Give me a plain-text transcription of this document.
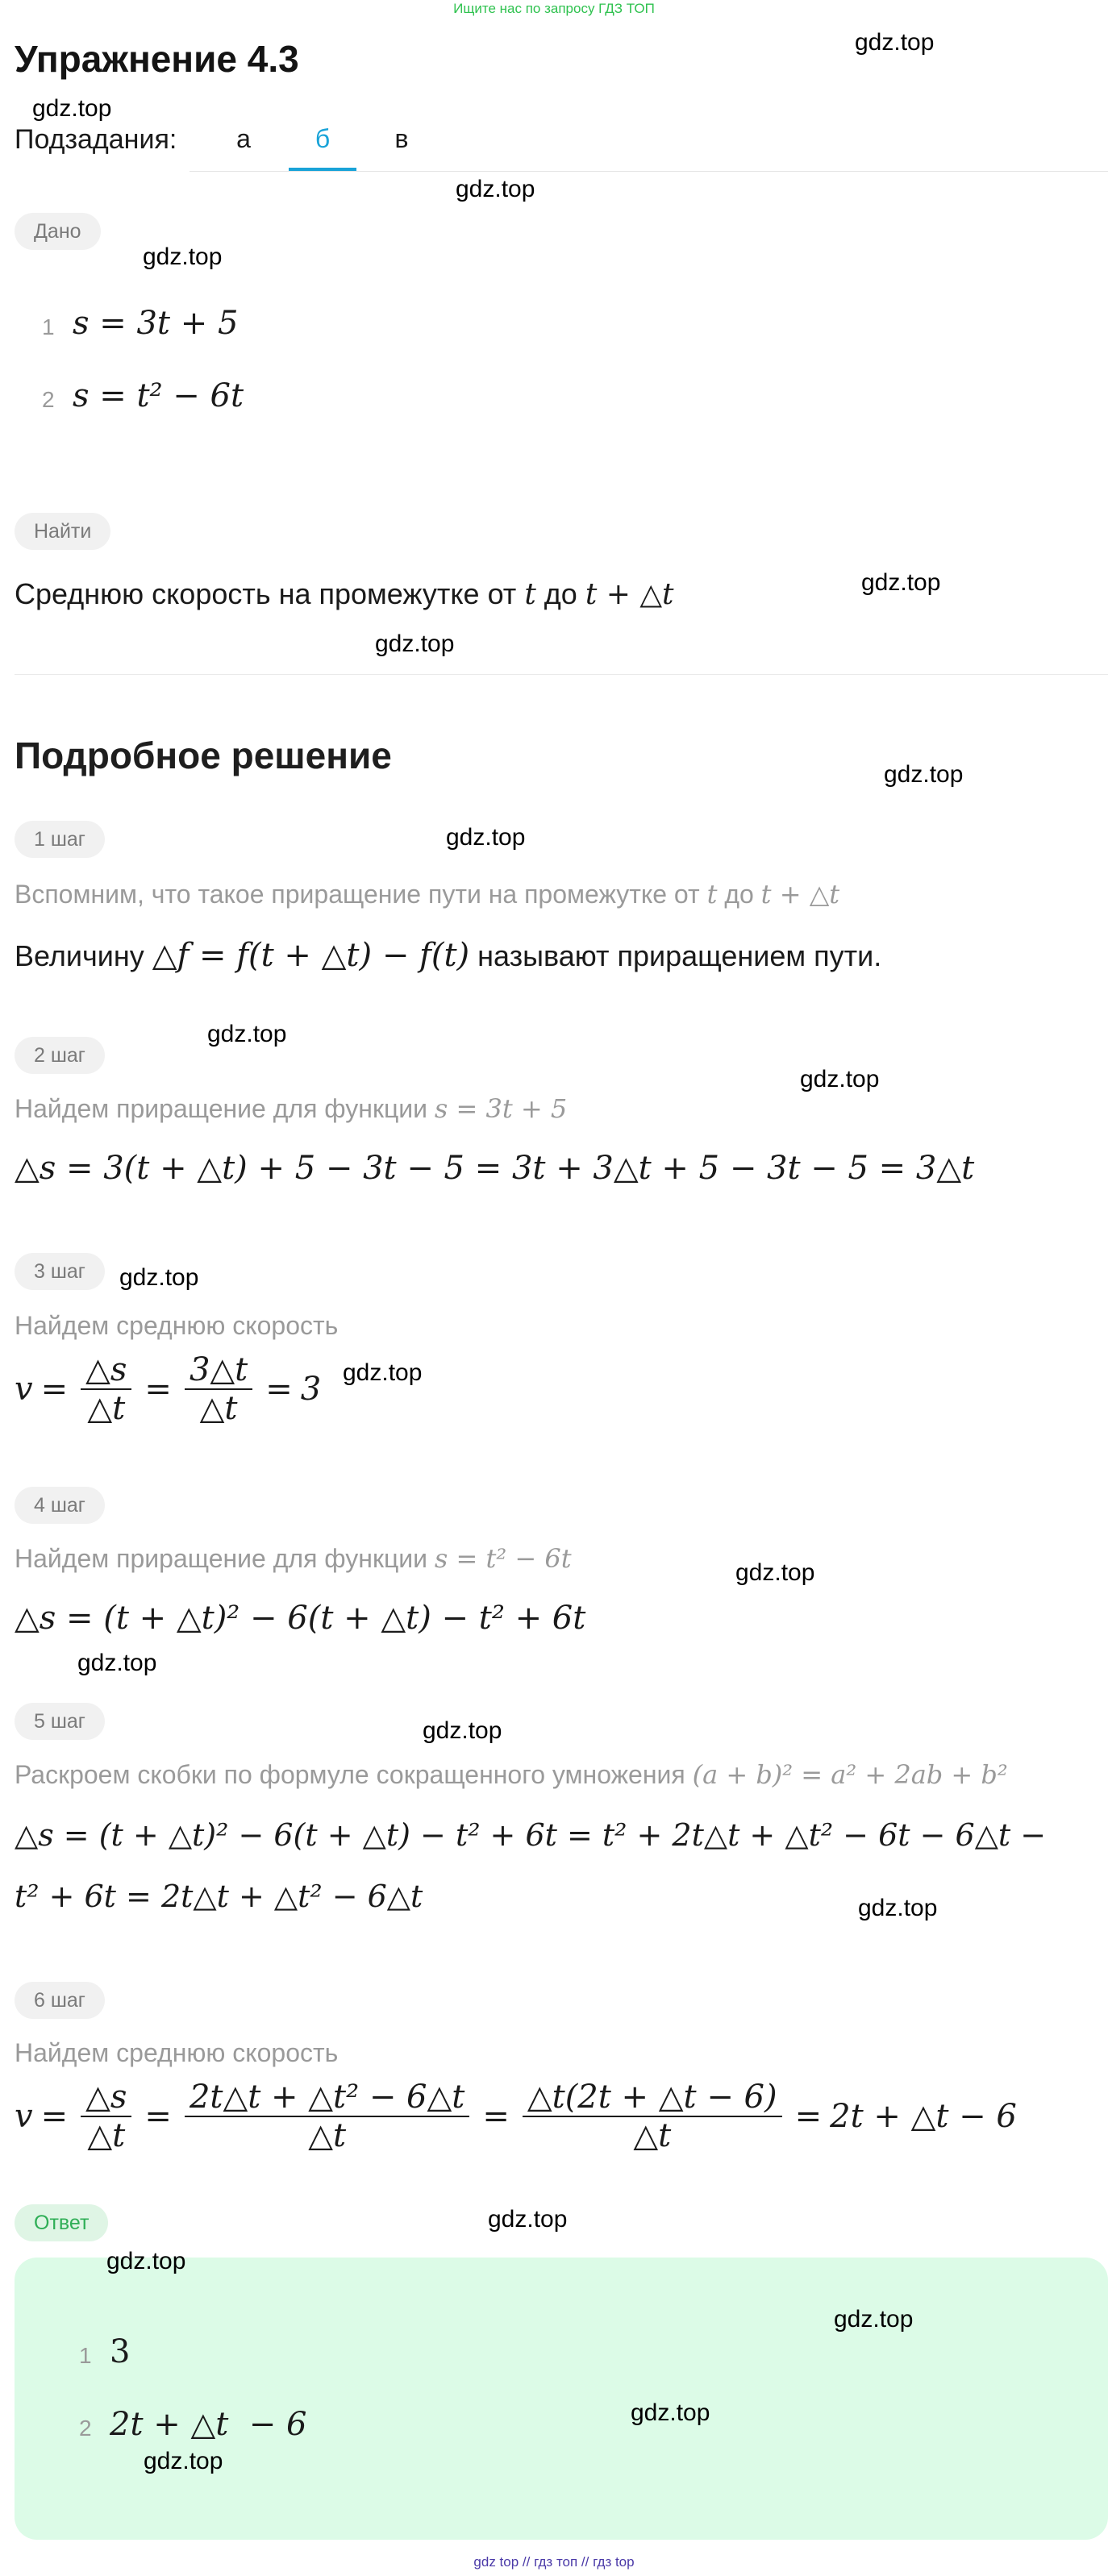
Ищите нас по запросу ГДЗ ТОП
Упражнение 4.3	gdz.top
gdz.top
Подзадания:	а	б	в
gdz.top
Дано
gdz.top
1 s = 3t + 5
2 s = t² − 6t
Найти
Среднюю скорость на промежутке от t до t + △t	gdz.top
gdz.top
Подробное решение	gdz.top
1 шаг	gdz.top
Вспомним, что такое приращение пути на промежутке от t до t + △t
Величину △f = f(t + △t) − f(t) называют приращением пути.
2 шаг
gdz.top
gdz.top
Найдем приращение для функции s = 3t + 5
△s = 3(t + △t) + 5 − 3t − 5 = 3t + 3△t + 5 − 3t − 5 = 3△t
3 шаг	gdz.top
Найдем среднюю скорость
$v = \frac{\triangle s}{\triangle t} = \frac{3\triangle t}{\triangle t} = 3$ gdz.top
4 шаг
Найдем приращение для функции s = t² − 6t	gdz.top
△s = (t + △t)² − 6(t + △t) − t² + 6t
gdz.top
5 шаг	gdz.top
Раскроем скобки по формуле сокращенного умножения (a + b)² = a² + 2ab + b²
△s = (t + △t)² − 6(t + △t) − t² + 6t = t² + 2t△t + △t² − 6t − 6△t −
t² + 6t = 2t△t + △t² − 6△t	gdz.top
6 шаг
Найдем среднюю скорость
$v = \frac{\triangle s}{\triangle t} = \frac{\text{2t△t + △t² − 6△t}}{\triangle t} = \frac{\triangle t(2t + \triangle t - 6)}{\triangle t} = 2t$ + △t − 6
Ответ	gdz.top
gdz.top
gdz.top
1 3
gdz.top
2 2t + △t  − 6
gdz.top
gdz top // гдз топ // гдз top
